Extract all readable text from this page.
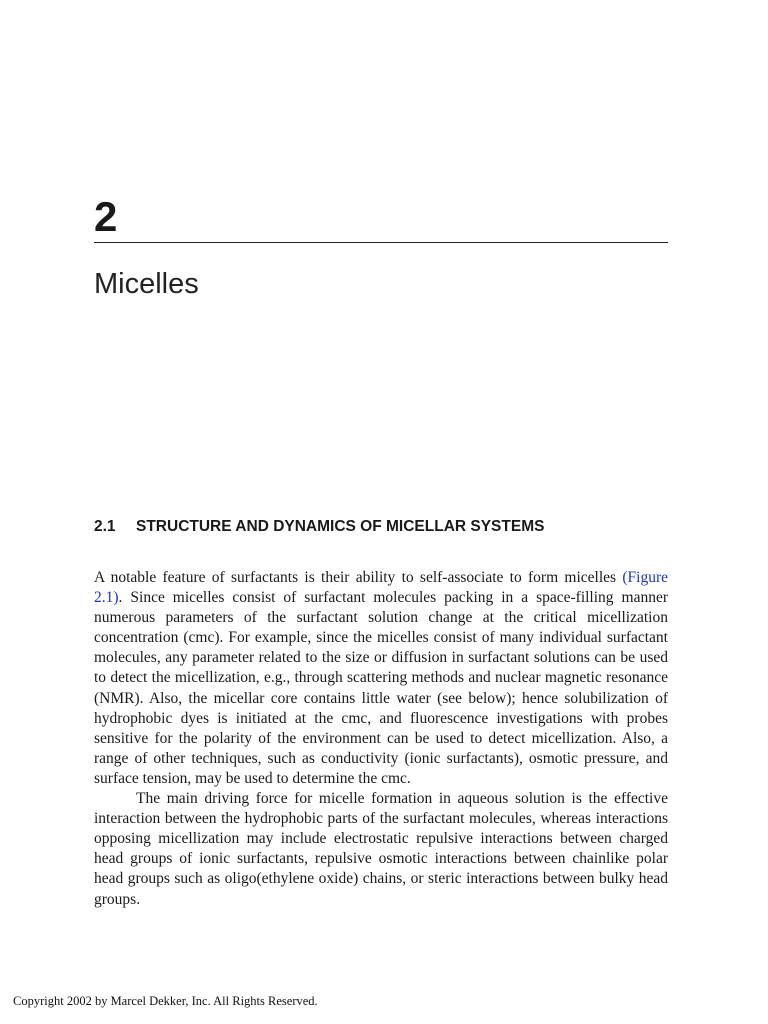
2
Micelles
2.1	STRUCTURE AND DYNAMICS OF MICELLAR SYSTEMS

A notable feature of surfactants is their ability to self-associate to form micelles (Figure 2.1). Since micelles consist of surfactant molecules packing in a space-filling manner numerous parameters of the surfactant solution change at the critical micellization concentration (cmc). For example, since the micelles consist of many individual surfactant molecules, any parameter related to the size or diffusion in surfactant solutions can be used to detect the micellization, e.g., through scattering methods and nuclear magnetic resonance (NMR). Also, the micellar core contains little water (see below); hence solubilization of hydrophobic dyes is initiated at the cmc, and fluorescence investigations with probes sensitive for the polarity of the environment can be used to detect micellization. Also, a range of other techniques, such as conductivity (ionic surfactants), osmotic pressure, and surface tension, may be used to determine the cmc.

The main driving force for micelle formation in aqueous solution is the effective interaction between the hydrophobic parts of the surfactant molecules, whereas interactions opposing micellization may include electrostatic repulsive interactions between charged head groups of ionic surfactants, repulsive osmotic interactions between chainlike polar head groups such as oligo(ethylene oxide) chains, or steric interactions between bulky head groups.

Copyright 2002 by Marcel Dekker, Inc. All Rights Reserved.
